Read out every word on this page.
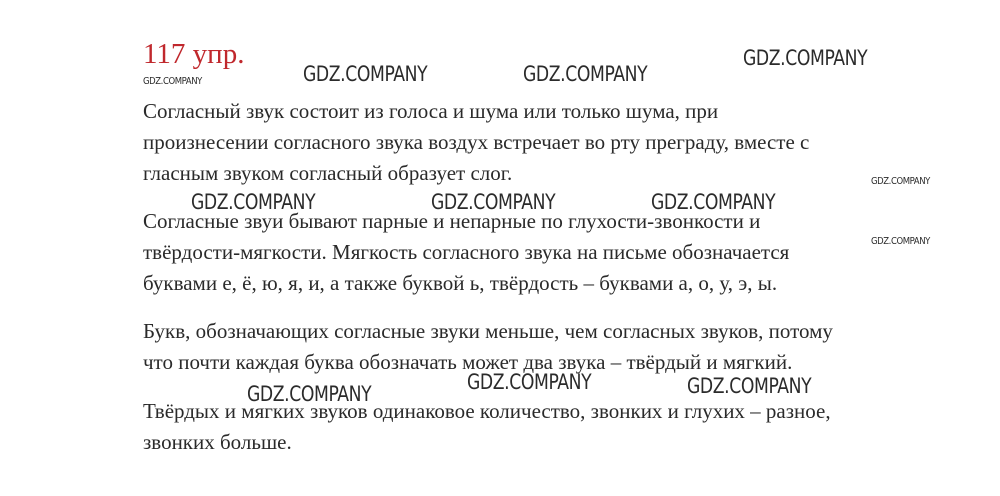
117 упр.

Согласный звук состоит из голоса и шума или только шума, при
произнесении согласного звука воздух встречает во рту преграду, вместе с
гласным звуком согласный образует слог.

Согласные звуи бывают парные и непарные по глухости-звонкости и
твёрдости-мягкости. Мягкость согласного звука на письме обозначается
буквами е, ё, ю, я, и, а также буквой ь, твёрдость – буквами а, о, у, э, ы.

Букв, обозначающих согласные звуки меньше, чем согласных звуков, потому
что почти каждая буква обозначать может два звука – твёрдый и мягкий.

Твёрдых и мягких звуков одинаковое количество, звонких и глухих – разное,
звонких больше.

GDZ.COMPANY	GDZ.COMPANY	GDZ.COMPANY
GDZ.COMPANY
GDZ.COMPANY
GDZ.COMPANY	GDZ.COMPANY	GDZ.COMPANY
GDZ.COMPANY
GDZ.COMPANY	GDZ.COMPANY	GDZ.COMPANY
